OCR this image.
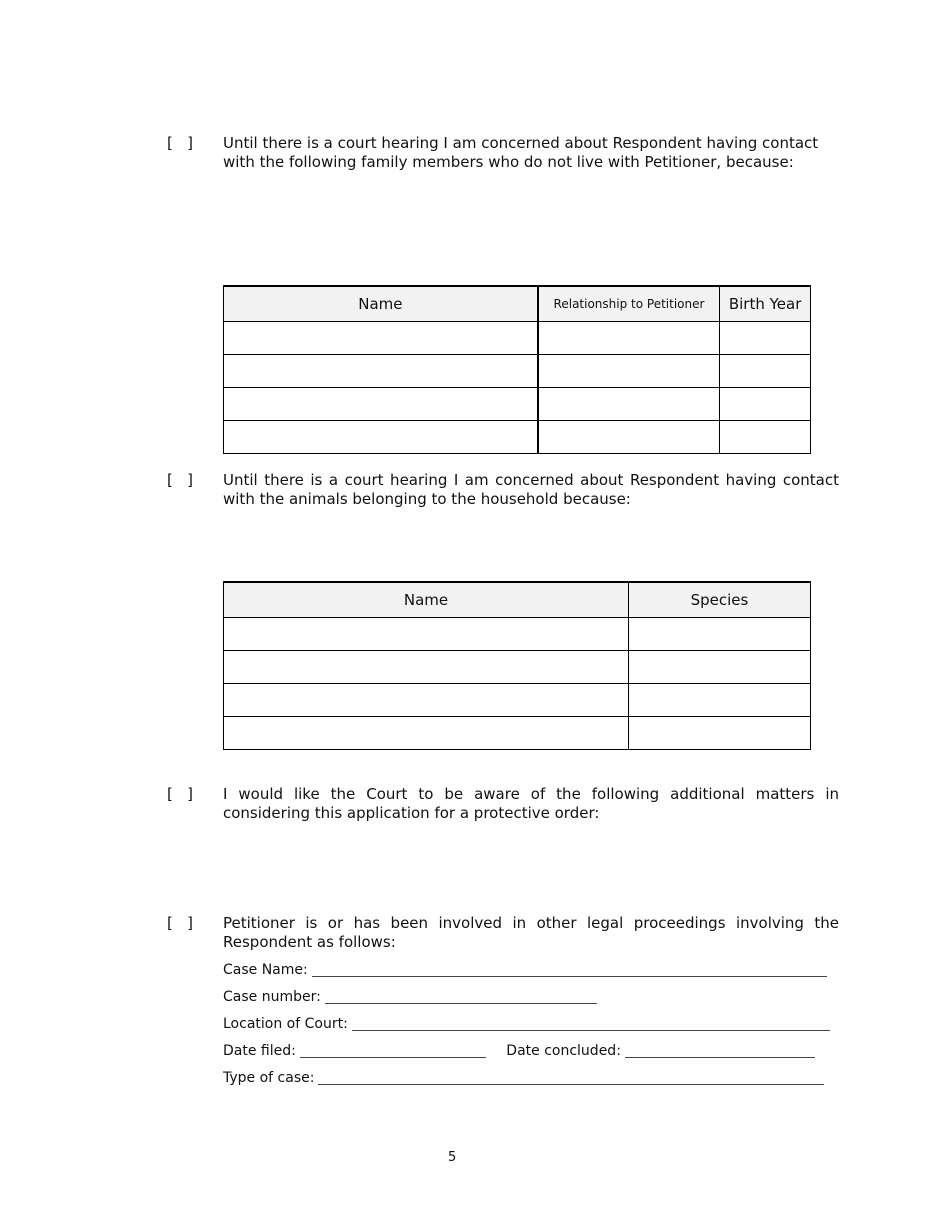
[   ] Until there is a court hearing I am concerned about Respondent having contact with the following family members who do not live with Petitioner, because:
Name	Relationship to Petitioner	Birth Year

[   ] Until there is a court hearing I am concerned about Respondent having contact with the animals belonging to the household because:
Name	Species

[   ] I would like the Court to be aware of the following additional matters in considering this application for a protective order:
[   ] Petitioner is or has been involved in other legal proceedings involving the Respondent as follows:
Case Name:
Case number:
Location of Court:
Date filed:	Date concluded:
Type of case:
5
